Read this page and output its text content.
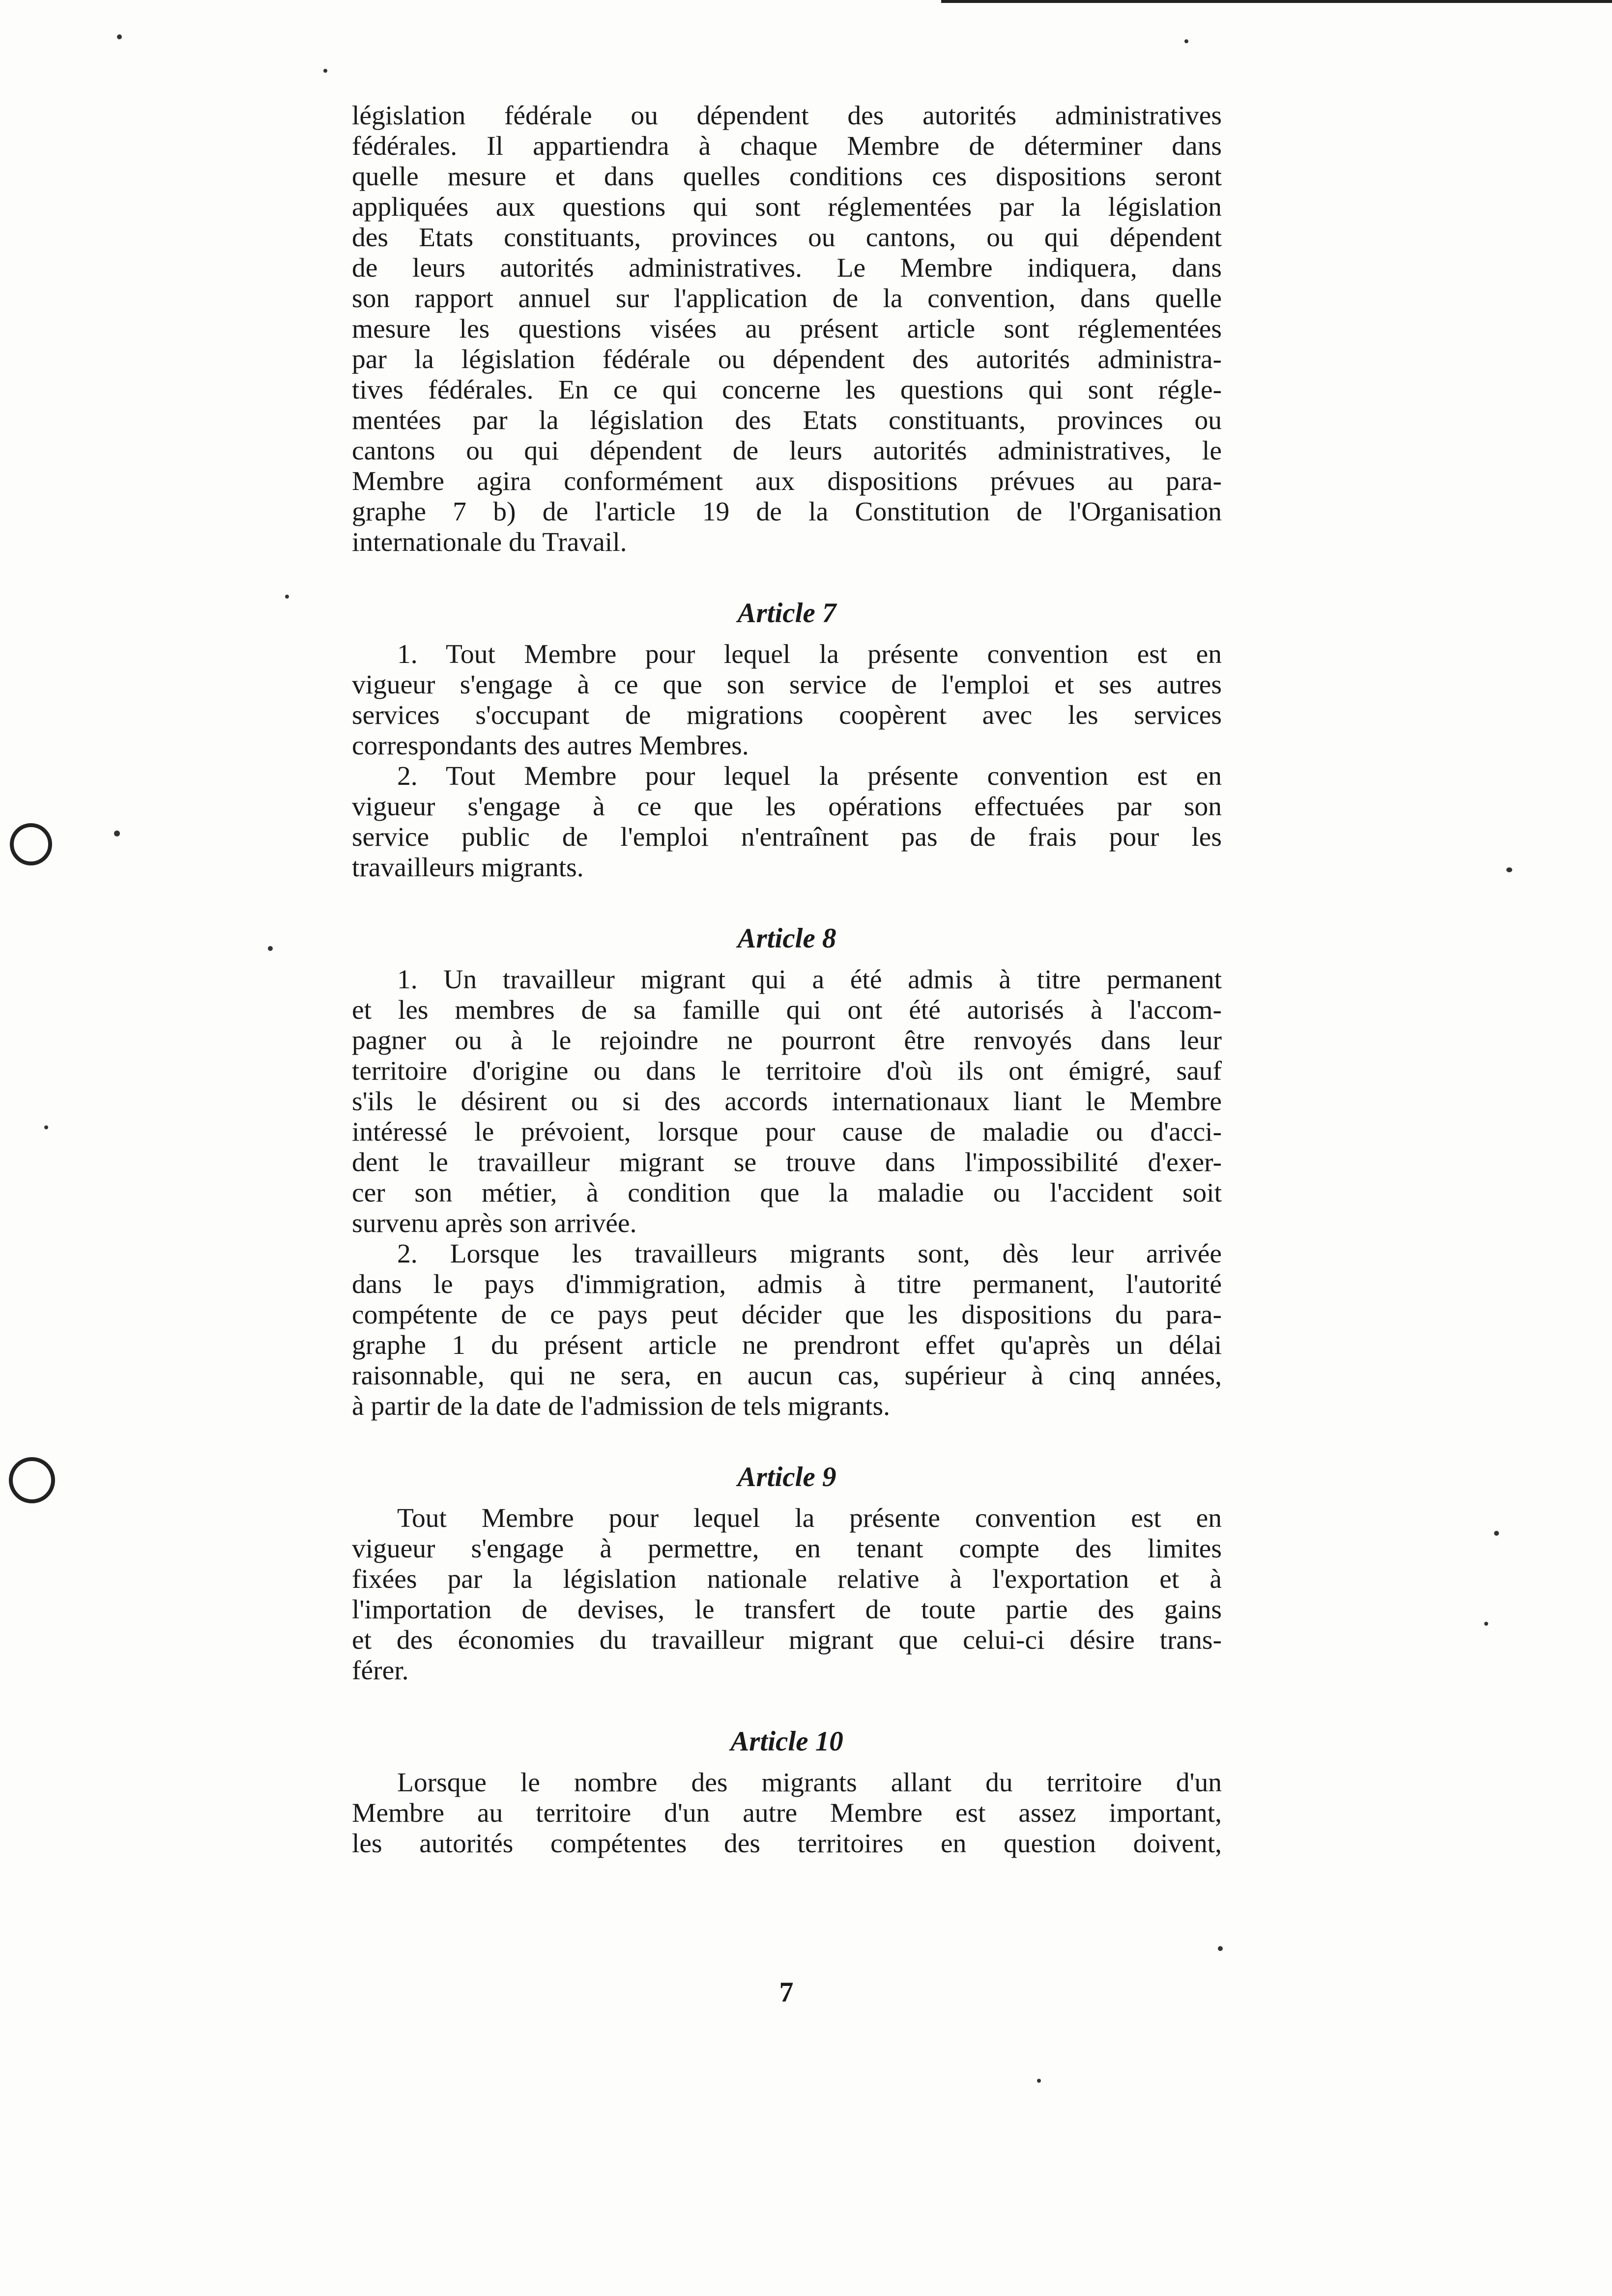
législation fédérale ou dépendent des autorités administratives
fédérales. Il appartiendra à chaque Membre de déterminer dans
quelle mesure et dans quelles conditions ces dispositions seront
appliquées aux questions qui sont réglementées par la législation
des Etats constituants, provinces ou cantons, ou qui dépendent
de leurs autorités administratives. Le Membre indiquera, dans
son rapport annuel sur l'application de la convention, dans quelle
mesure les questions visées au présent article sont réglementées
par la législation fédérale ou dépendent des autorités administra-
tives fédérales. En ce qui concerne les questions qui sont régle-
mentées par la législation des Etats constituants, provinces ou
cantons ou qui dépendent de leurs autorités administratives, le
Membre agira conformément aux dispositions prévues au para-
graphe 7 b) de l'article 19 de la Constitution de l'Organisation
internationale du Travail.

Article 7

1. Tout Membre pour lequel la présente convention est en
vigueur s'engage à ce que son service de l'emploi et ses autres
services s'occupant de migrations coopèrent avec les services
correspondants des autres Membres.
2. Tout Membre pour lequel la présente convention est en
vigueur s'engage à ce que les opérations effectuées par son
service public de l'emploi n'entraînent pas de frais pour les
travailleurs migrants.

Article 8

1. Un travailleur migrant qui a été admis à titre permanent
et les membres de sa famille qui ont été autorisés à l'accom-
pagner ou à le rejoindre ne pourront être renvoyés dans leur
territoire d'origine ou dans le territoire d'où ils ont émigré, sauf
s'ils le désirent ou si des accords internationaux liant le Membre
intéressé le prévoient, lorsque pour cause de maladie ou d'acci-
dent le travailleur migrant se trouve dans l'impossibilité d'exer-
cer son métier, à condition que la maladie ou l'accident soit
survenu après son arrivée.
2. Lorsque les travailleurs migrants sont, dès leur arrivée
dans le pays d'immigration, admis à titre permanent, l'autorité
compétente de ce pays peut décider que les dispositions du para-
graphe 1 du présent article ne prendront effet qu'après un délai
raisonnable, qui ne sera, en aucun cas, supérieur à cinq années,
à partir de la date de l'admission de tels migrants.

Article 9

Tout Membre pour lequel la présente convention est en
vigueur s'engage à permettre, en tenant compte des limites
fixées par la législation nationale relative à l'exportation et à
l'importation de devises, le transfert de toute partie des gains
et des économies du travailleur migrant que celui-ci désire trans-
férer.

Article 10

Lorsque le nombre des migrants allant du territoire d'un
Membre au territoire d'un autre Membre est assez important,
les autorités compétentes des territoires en question doivent,
7
